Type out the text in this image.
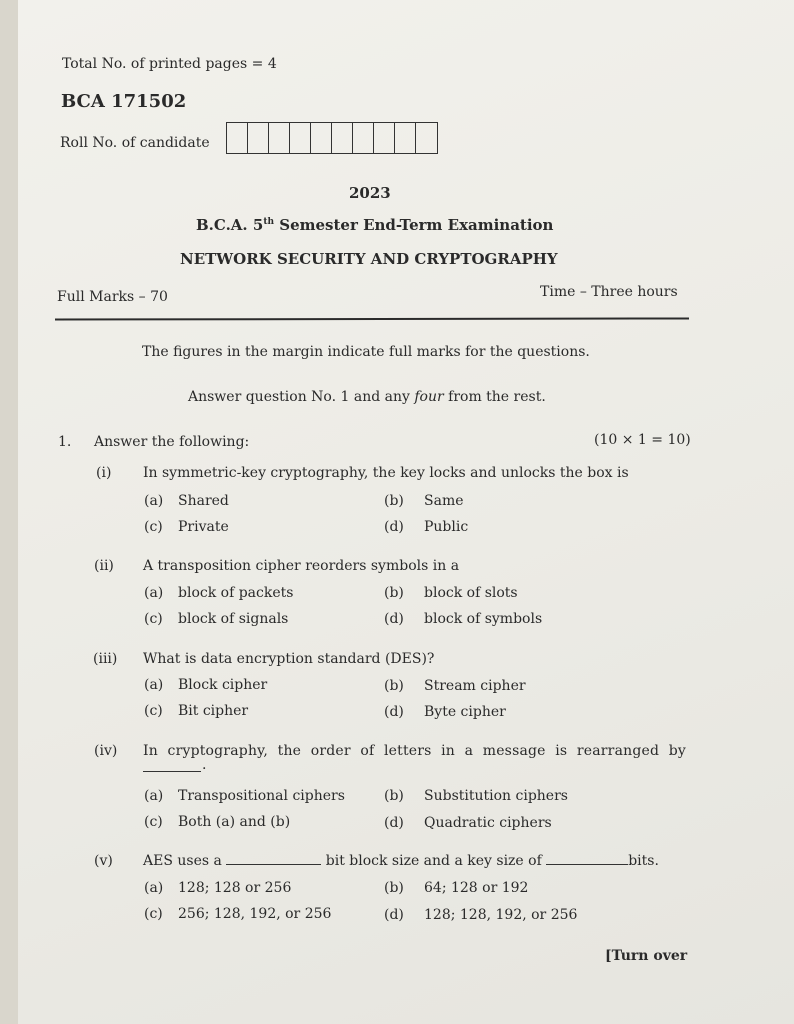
Total No. of printed pages = 4
BCA 171502
Roll No. of candidate
2023
B.C.A. 5th Semester End-Term Examination
NETWORK SECURITY AND CRYPTOGRAPHY
Full Marks – 70	Time – Three hours
The figures in the margin indicate full marks for the questions.
Answer question No. 1 and any four from the rest.
1. Answer the following:	(10 × 1 = 10)
(i) In symmetric-key cryptography, the key locks and unlocks the box is
(a) Shared	(b) Same
(c) Private	(d) Public
(ii) A transposition cipher reorders symbols in a
(a) block of packets	(b) block of slots
(c) block of signals	(d) block of symbols
(iii) What is data encryption standard (DES)?
(a) Block cipher	(b) Stream cipher
(c) Bit cipher	(d) Byte cipher
(iv) In cryptography, the order of letters in a message is rearranged by
.
(a) Transpositional ciphers	(b) Substitution ciphers
(c) Both (a) and (b)	(d) Quadratic ciphers
(v) AES uses a	bit block size and a key size of	bits.
(a) 128; 128 or 256	(b) 64; 128 or 192
(c) 256; 128, 192, or 256	(d) 128; 128, 192, or 256
[Turn over
